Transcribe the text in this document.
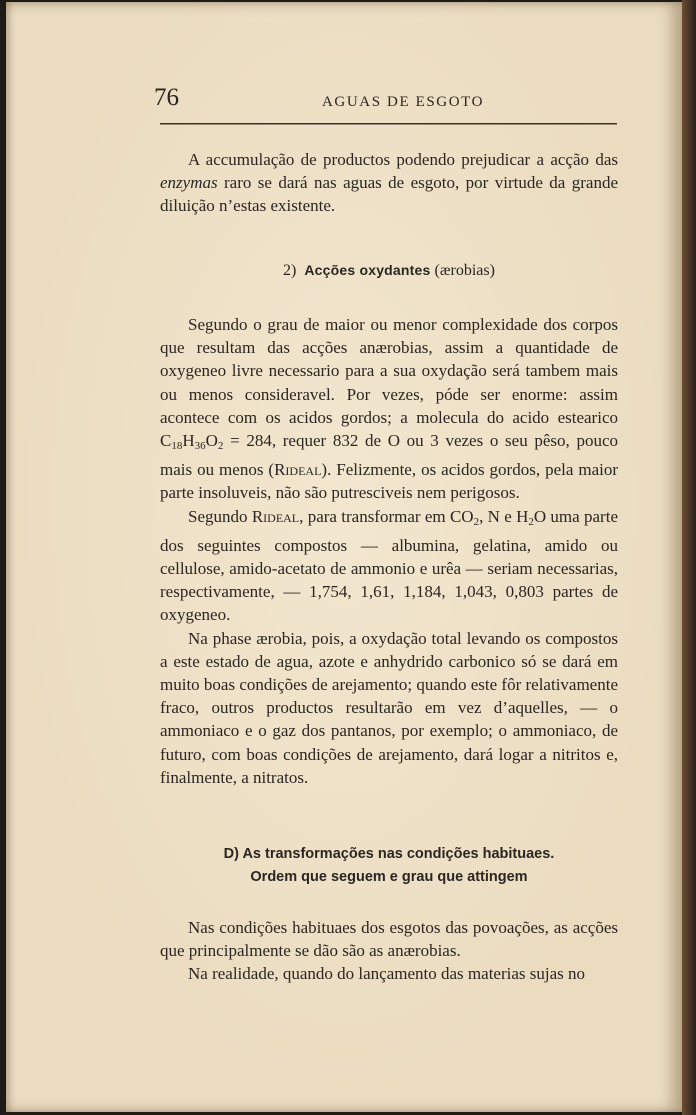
76	AGUAS DE ESGOTO

A accumulação de productos podendo prejudicar a acção das enzymas raro se dará nas aguas de esgoto, por virtude da grande diluição n’estas existente.

2) Acções oxydantes (ærobias)

Segundo o grau de maior ou menor complexidade dos corpos que resultam das acções anærobias, assim a quantidade de oxygeneo livre necessario para a sua oxydação será tambem mais ou menos consideravel. Por vezes, póde ser enorme: assim acontece com os acidos gordos; a molecula do acido estearico $C_{18}H_{36}O_2 = 284$, requer 832 de O ou 3 vezes o seu pêso, pouco mais ou menos (Rideal). Felizmente, os acidos gordos, pela maior parte insoluveis, não são putresciveis nem perigosos.

Segundo Rideal, para transformar em $CO_2$, N e $H_2O$ uma parte dos seguintes compostos — albumina, gelatina, amido ou cellulose, amido-acetato de ammonio e urêa — seriam necessarias, respectivamente, — 1,754, 1,61, 1,184, 1,043, 0,803 partes de oxygeneo.

Na phase ærobia, pois, a oxydação total levando os compostos a este estado de agua, azote e anhydrido carbonico só se dará em muito boas condições de arejamento; quando este fôr relativamente fraco, outros productos resultarão em vez d’aquelles, — o ammoniaco e o gaz dos pantanos, por exemplo; o ammoniaco, de futuro, com boas condições de arejamento, dará logar a nitritos e, finalmente, a nitratos.

D) As transformações nas condições habituaes.
Ordem que seguem e grau que attingem

Nas condições habituaes dos esgotos das povoações, as acções que principalmente se dão são as anærobias.

Na realidade, quando do lançamento das materias sujas no
